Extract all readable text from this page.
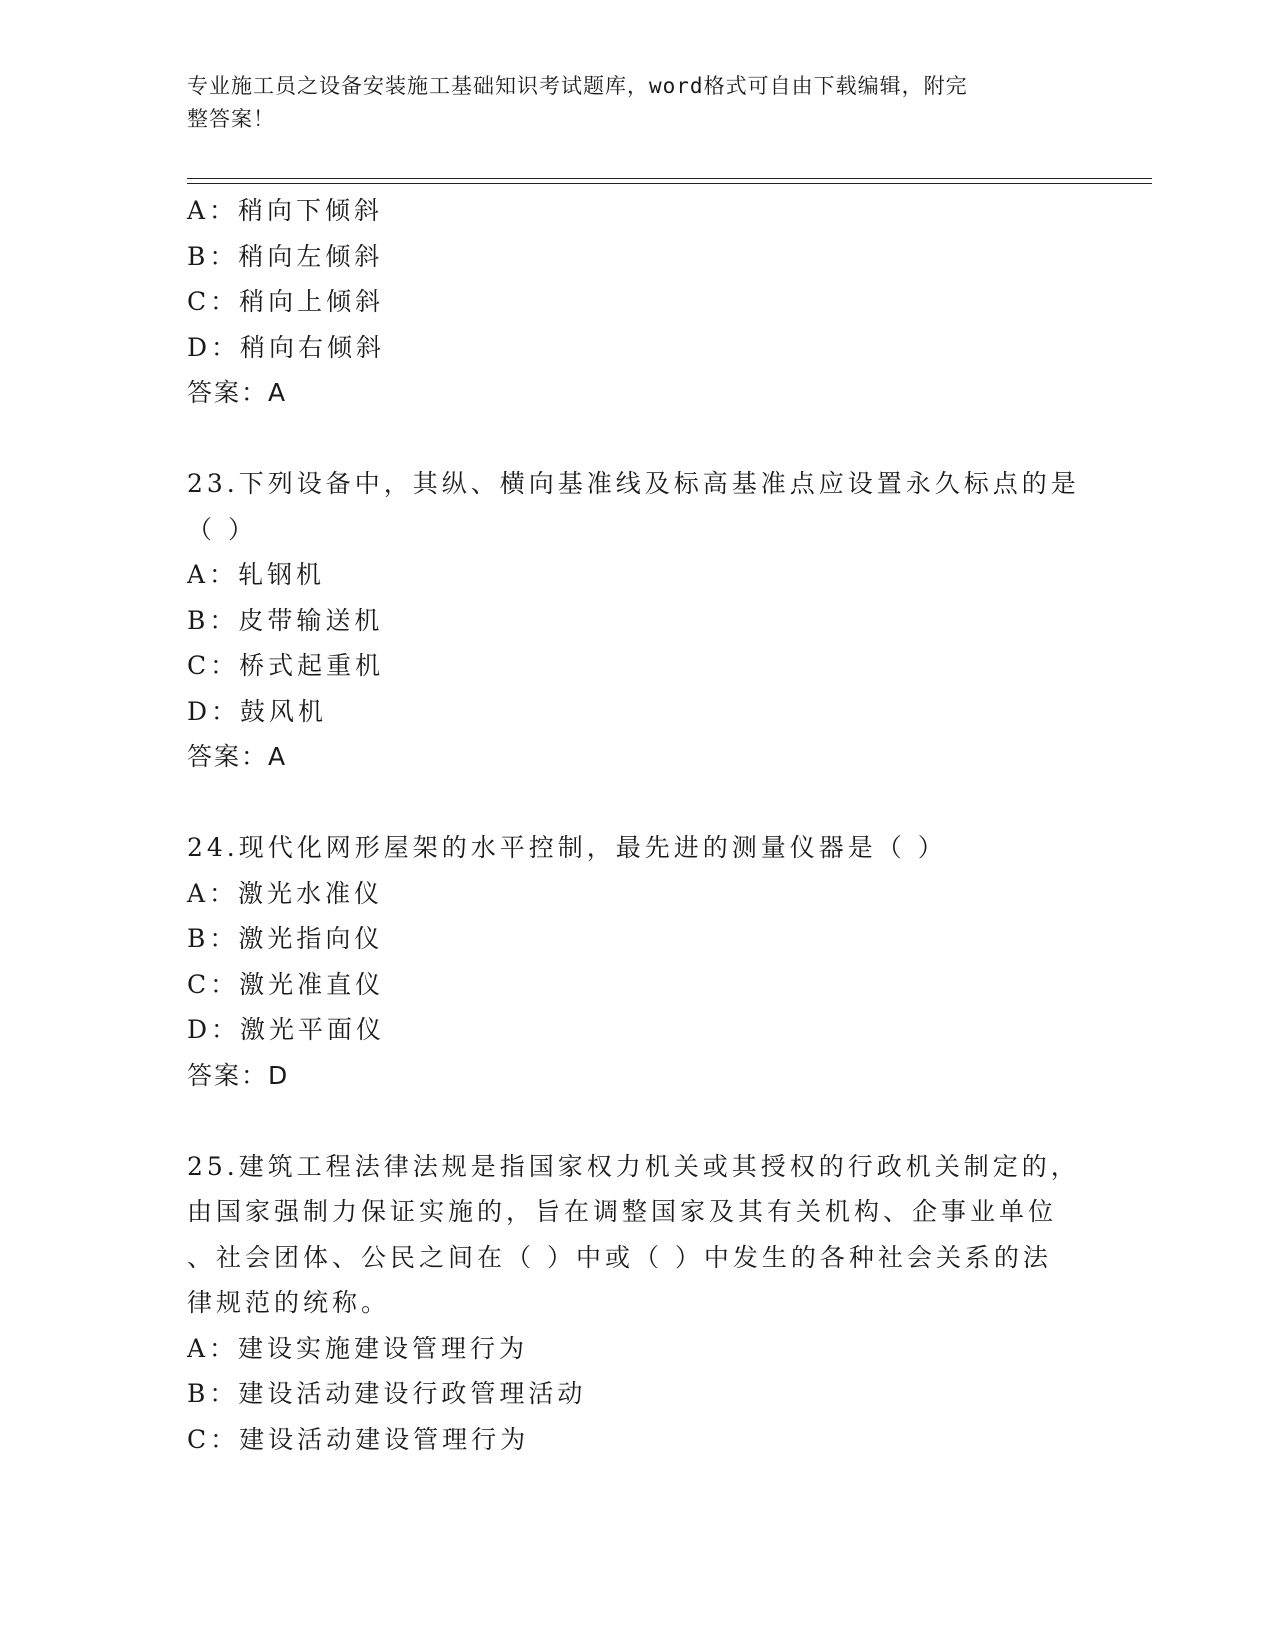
专业施工员之设备安装施工基础知识考试题库，word格式可自由下载编辑，附完
整答案！
A：稍向下倾斜
B：稍向左倾斜
C：稍向上倾斜
D：稍向右倾斜
答案：A
23.下列设备中，其纵、横向基准线及标高基准点应设置永久标点的是
（ ）
A：轧钢机
B：皮带输送机
C：桥式起重机
D：鼓风机
答案：A
24.现代化网形屋架的水平控制，最先进的测量仪器是（ ）
A：激光水准仪
B：激光指向仪
C：激光准直仪
D：激光平面仪
答案：D
25.建筑工程法律法规是指国家权力机关或其授权的行政机关制定的，
由国家强制力保证实施的，旨在调整国家及其有关机构、企事业单位
、社会团体、公民之间在（ ）中或（ ）中发生的各种社会关系的法
律规范的统称。
A：建设实施建设管理行为
B：建设活动建设行政管理活动
C：建设活动建设管理行为
